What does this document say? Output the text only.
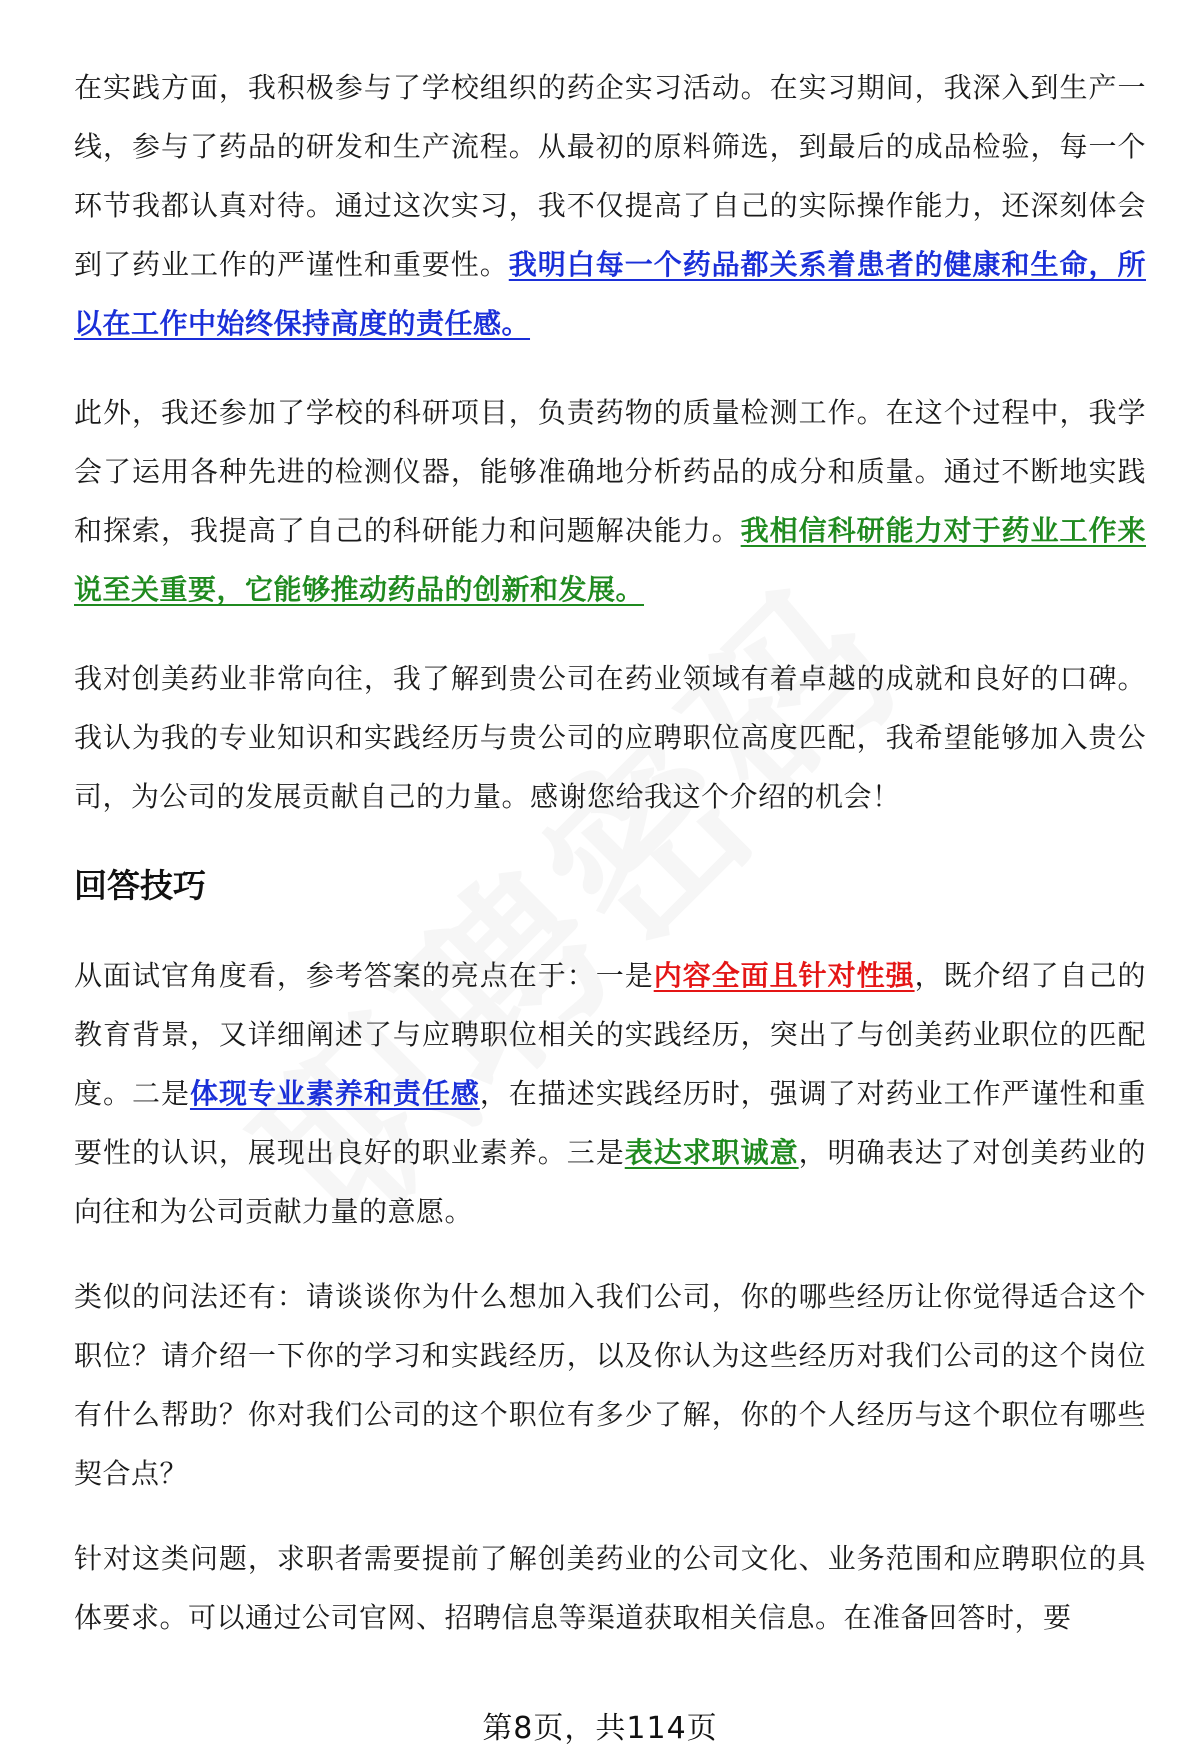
在实践方面，我积极参与了学校组织的药企实习活动。在实习期间，我深入到生产一线，参与了药品的研发和生产流程。从最初的原料筛选，到最后的成品检验，每一个环节我都认真对待。通过这次实习，我不仅提高了自己的实际操作能力，还深刻体会到了药业工作的严谨性和重要性。我明白每一个药品都关系着患者的健康和生命，所以在工作中始终保持高度的责任感。

此外，我还参加了学校的科研项目，负责药物的质量检测工作。在这个过程中，我学会了运用各种先进的检测仪器，能够准确地分析药品的成分和质量。通过不断地实践和探索，我提高了自己的科研能力和问题解决能力。我相信科研能力对于药业工作来说至关重要，它能够推动药品的创新和发展。

我对创美药业非常向往，我了解到贵公司在药业领域有着卓越的成就和良好的口碑。我认为我的专业知识和实践经历与贵公司的应聘职位高度匹配，我希望能够加入贵公司，为公司的发展贡献自己的力量。感谢您给我这个介绍的机会！

回答技巧

从面试官角度看，参考答案的亮点在于：一是内容全面且针对性强，既介绍了自己的教育背景，又详细阐述了与应聘职位相关的实践经历，突出了与创美药业职位的匹配度。二是体现专业素养和责任感，在描述实践经历时，强调了对药业工作严谨性和重要性的认识，展现出良好的职业素养。三是表达求职诚意，明确表达了对创美药业的向往和为公司贡献力量的意愿。

类似的问法还有：请谈谈你为什么想加入我们公司，你的哪些经历让你觉得适合这个职位？请介绍一下你的学习和实践经历，以及你认为这些经历对我们公司的这个岗位有什么帮助？你对我们公司的这个职位有多少了解，你的个人经历与这个职位有哪些契合点？

针对这类问题，求职者需要提前了解创美药业的公司文化、业务范围和应聘职位的具体要求。可以通过公司官网、招聘信息等渠道获取相关信息。在准备回答时，要

第8页，共114页
